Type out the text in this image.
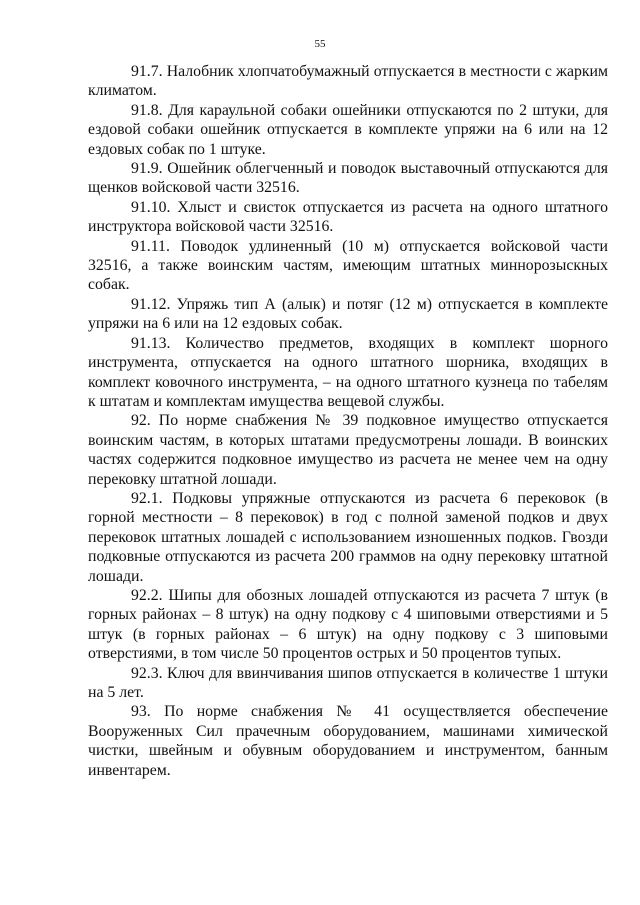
55

91.7. Налобник хлопчатобумажный отпускается в местности с жарким климатом.

91.8. Для караульной собаки ошейники отпускаются по 2 штуки, для ездовой собаки ошейник отпускается в комплекте упряжи на 6 или на 12 ездовых собак по 1 штуке.

91.9. Ошейник облегченный и поводок выставочный отпускаются для щенков войсковой части 32516.

91.10. Хлыст и свисток отпускается из расчета на одного штатного инструктора войсковой части 32516.

91.11. Поводок удлиненный (10 м) отпускается войсковой части 32516, а также воинским частям, имеющим штатных миннорозыскных собак.

91.12. Упряжь тип А (алык) и потяг (12 м) отпускается в комплекте упряжи на 6 или на 12 ездовых собак.

91.13. Количество предметов, входящих в комплект шорного инструмента, отпускается на одного штатного шорника, входящих в комплект ковочного инструмента, – на одного штатного кузнеца по табелям к штатам и комплектам имущества вещевой службы.

92. По норме снабжения № 39 подковное имущество отпускается воинским частям, в которых штатами предусмотрены лошади. В воинских частях содержится подковное имущество из расчета не менее чем на одну перековку штатной лошади.

92.1. Подковы упряжные отпускаются из расчета 6 перековок (в горной местности – 8 перековок) в год с полной заменой подков и двух перековок штатных лошадей с использованием изношенных подков. Гвозди подковные отпускаются из расчета 200 граммов на одну перековку штатной лошади.

92.2. Шипы для обозных лошадей отпускаются из расчета 7 штук (в горных районах – 8 штук) на одну подкову с 4 шиповыми отверстиями и 5 штук (в горных районах – 6 штук) на одну подкову с 3 шиповыми отверстиями, в том числе 50 процентов острых и 50 процентов тупых.

92.3. Ключ для ввинчивания шипов отпускается в количестве 1 штуки на 5 лет.

93. По норме снабжения № 41 осуществляется обеспечение Вооруженных Сил прачечным оборудованием, машинами химической чистки, швейным и обувным оборудованием и инструментом, банным инвентарем.
